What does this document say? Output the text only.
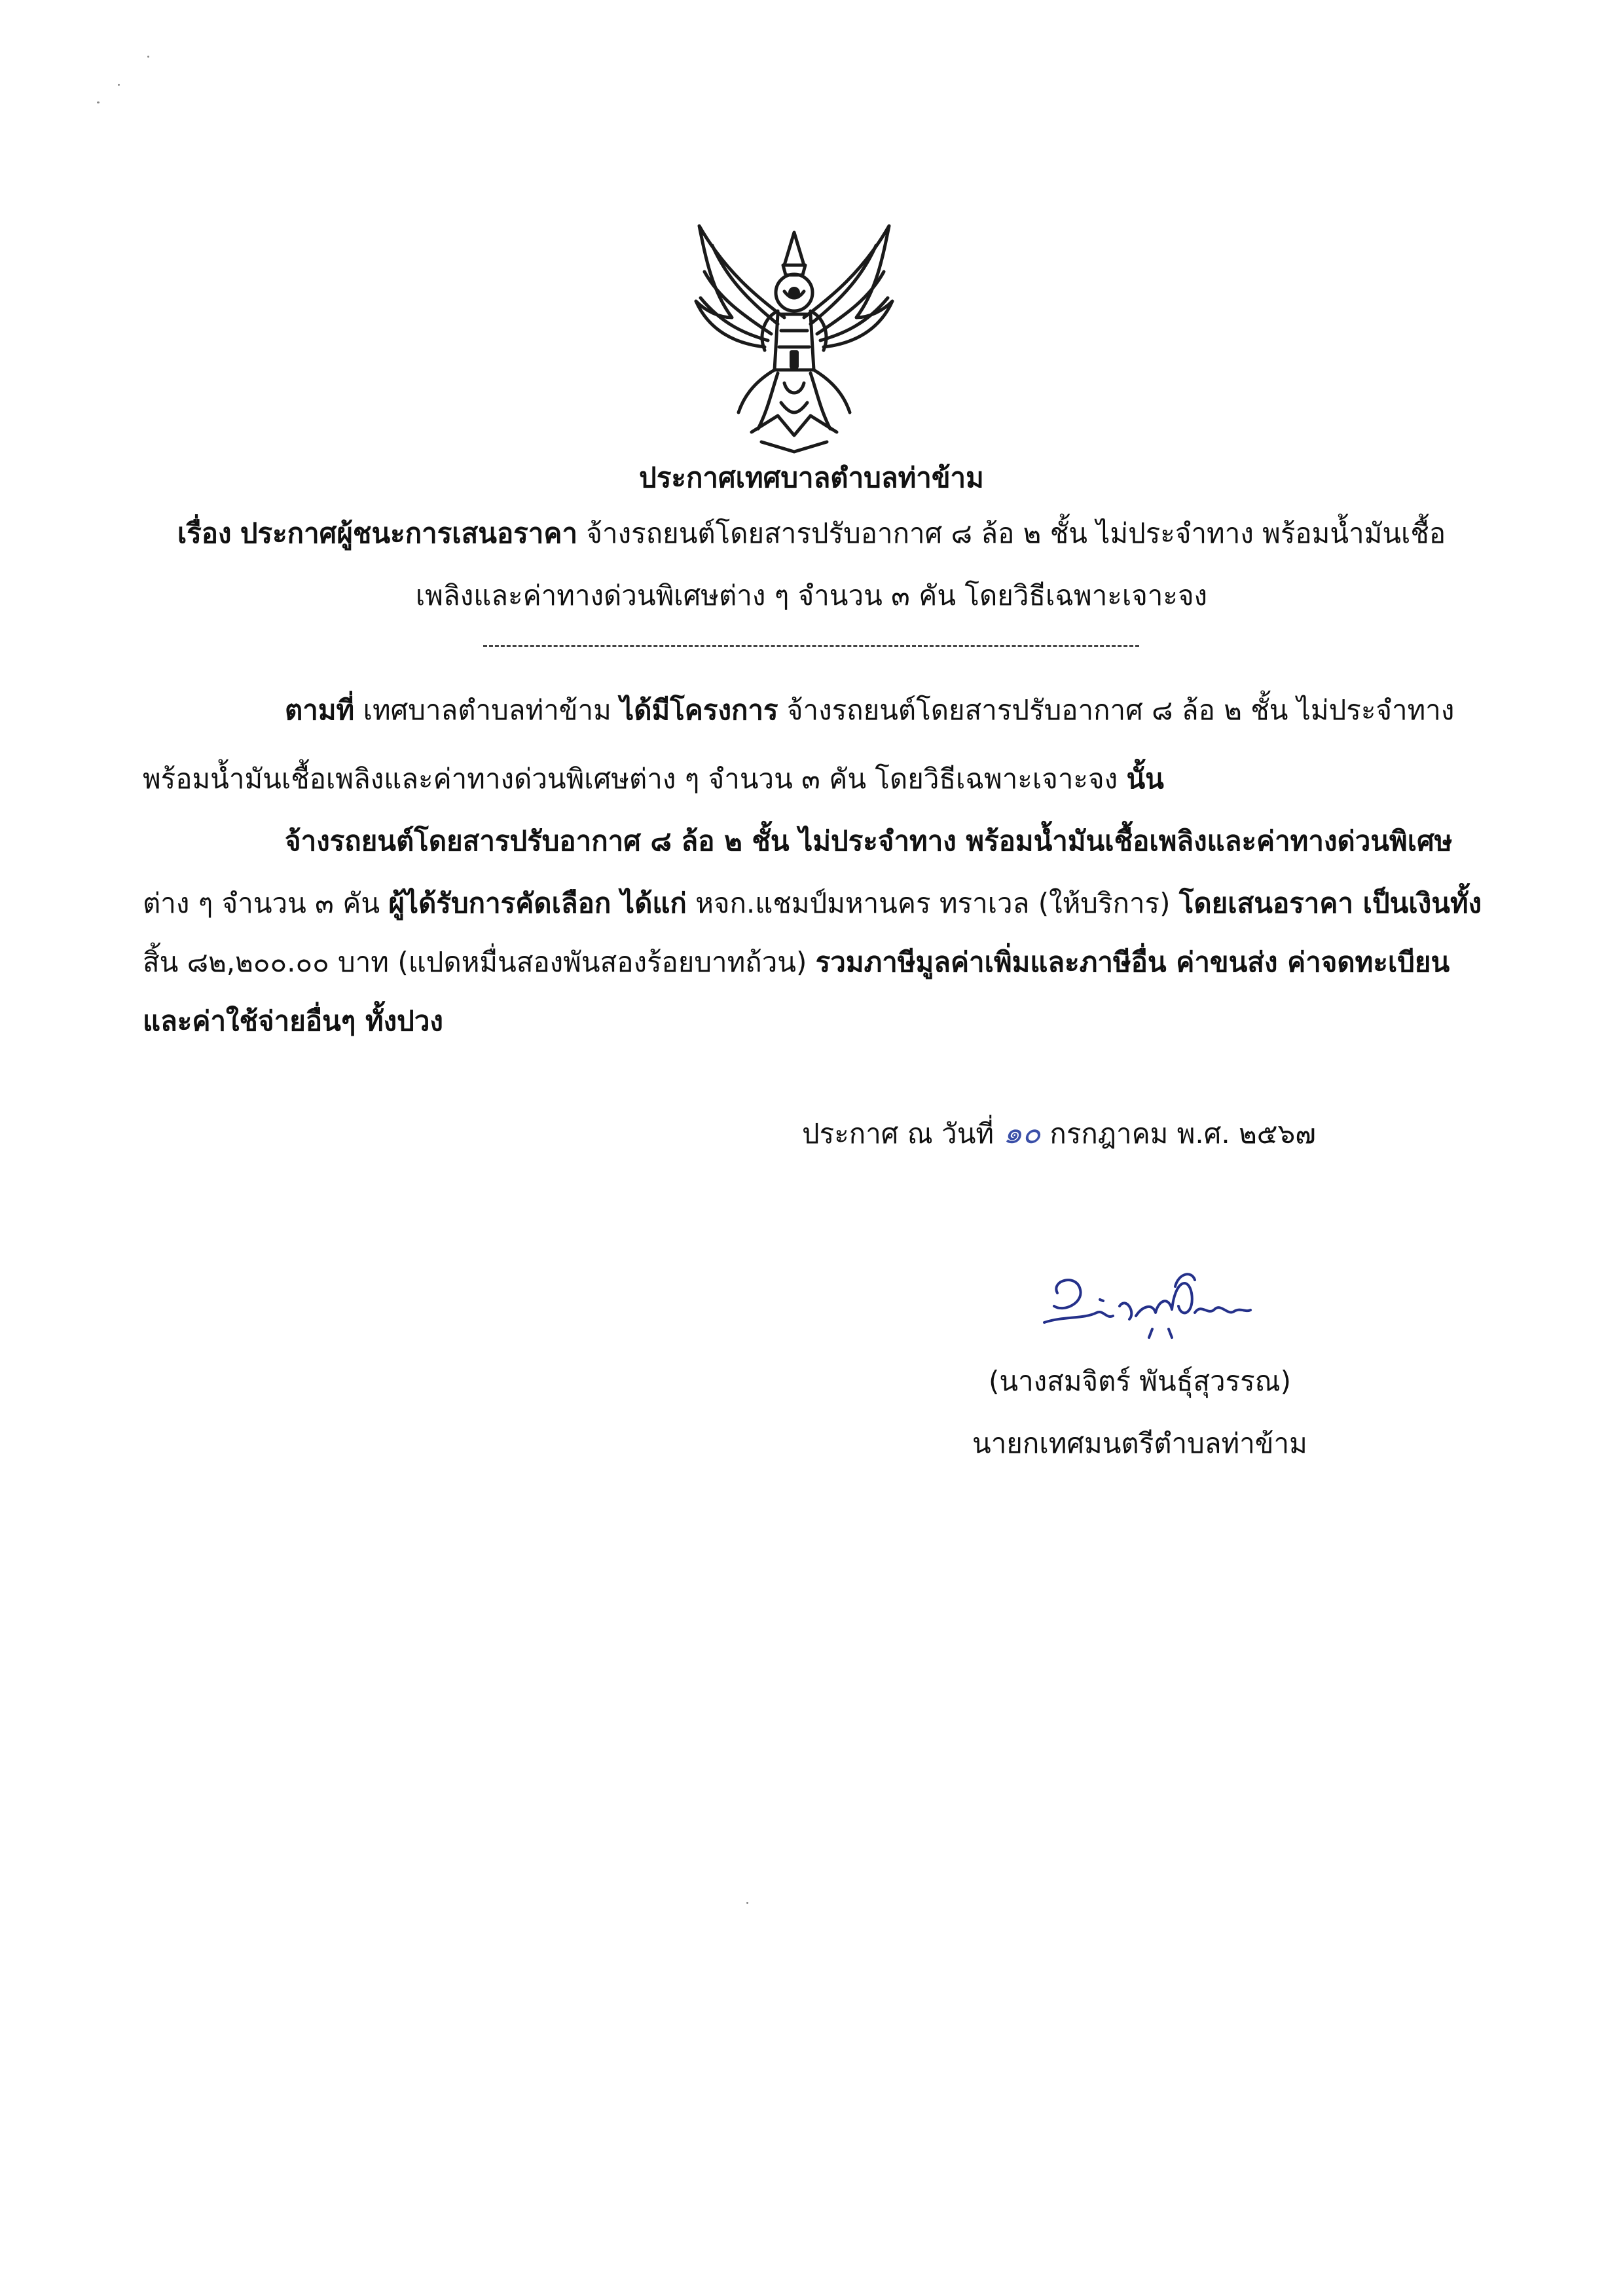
ประกาศเทศบาลตำบลท่าข้าม
เรื่อง ประกาศผู้ชนะการเสนอราคา จ้างรถยนต์โดยสารปรับอากาศ ๘ ล้อ ๒ ชั้น ไม่ประจำทาง พร้อมน้ำมันเชื้อ
เพลิงและค่าทางด่วนพิเศษต่าง ๆ จำนวน ๓ คัน โดยวิธีเฉพาะเจาะจง
ตามที่ เทศบาลตำบลท่าข้าม ได้มีโครงการ จ้างรถยนต์โดยสารปรับอากาศ ๘ ล้อ ๒ ชั้น ไม่ประจำทาง
พร้อมน้ำมันเชื้อเพลิงและค่าทางด่วนพิเศษต่าง ๆ จำนวน ๓ คัน โดยวิธีเฉพาะเจาะจง นั้น
จ้างรถยนต์โดยสารปรับอากาศ ๘ ล้อ ๒ ชั้น ไม่ประจำทาง พร้อมน้ำมันเชื้อเพลิงและค่าทางด่วนพิเศษ
ต่าง ๆ จำนวน ๓ คัน ผู้ได้รับการคัดเลือก ได้แก่ หจก.แชมป์มหานคร ทราเวล (ให้บริการ) โดยเสนอราคา เป็นเงินทั้ง
สิ้น ๘๒,๒๐๐.๐๐ บาท (แปดหมื่นสองพันสองร้อยบาทถ้วน) รวมภาษีมูลค่าเพิ่มและภาษีอื่น ค่าขนส่ง ค่าจดทะเบียน
และค่าใช้จ่ายอื่นๆ ทั้งปวง
ประกาศ ณ วันที่ ๑๐ กรกฎาคม พ.ศ. ๒๕๖๗
(นางสมจิตร์ พันธุ์สุวรรณ)
นายกเทศมนตรีตำบลท่าข้าม
